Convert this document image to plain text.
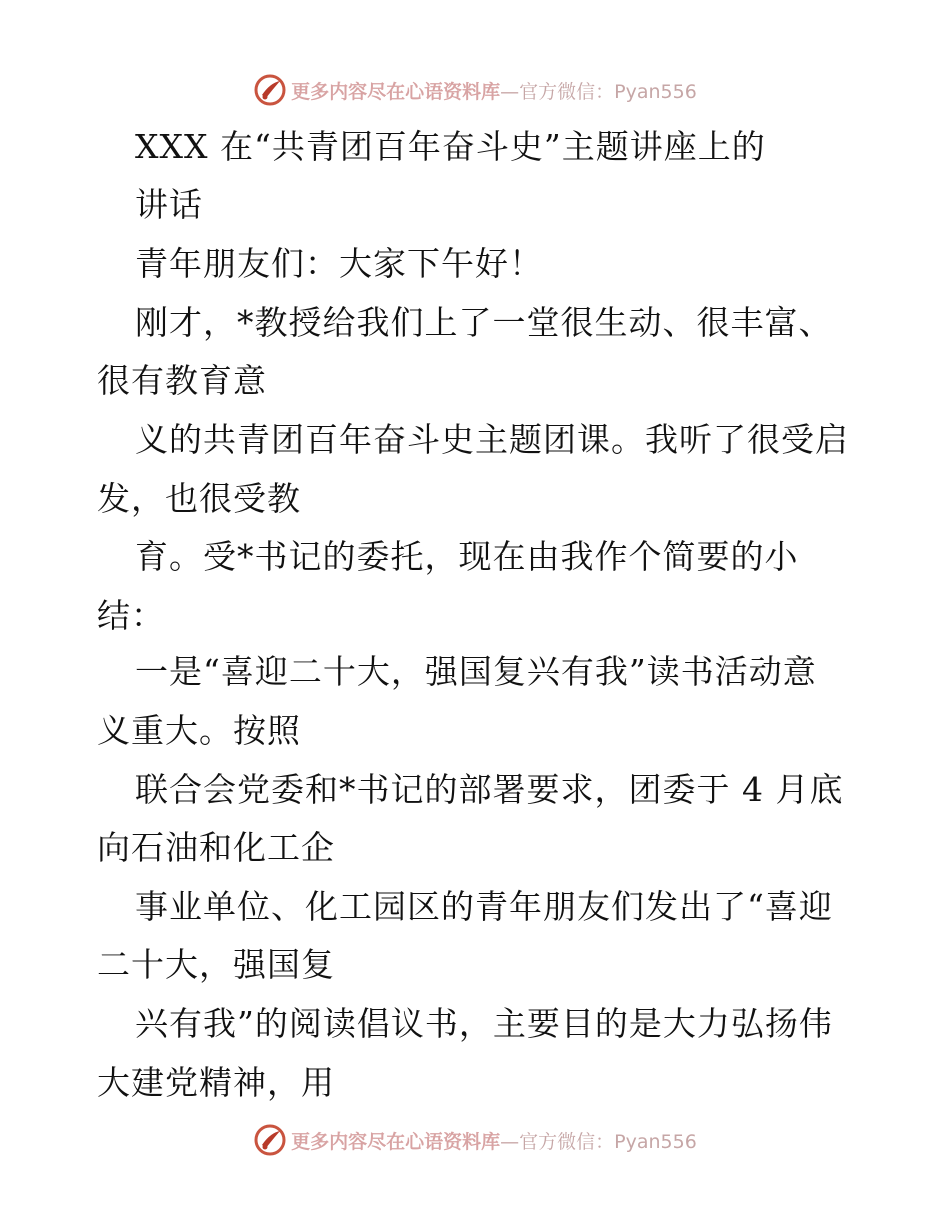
更多内容尽在心语资料库—官方微信：Pyan556
XXX 在“共青团百年奋斗史”主题讲座上的
讲话
青年朋友们：大家下午好！
刚才，*教授给我们上了一堂很生动、很丰富、
很有教育意
义的共青团百年奋斗史主题团课。我听了很受启
发，也很受教
育。受*书记的委托，现在由我作个简要的小
结：
一是“喜迎二十大，强国复兴有我”读书活动意
义重大。按照
联合会党委和*书记的部署要求，团委于 4 月底
向石油和化工企
事业单位、化工园区的青年朋友们发出了“喜迎
二十大，强国复
兴有我”的阅读倡议书，主要目的是大力弘扬伟
大建党精神，用
更多内容尽在心语资料库—官方微信：Pyan556
